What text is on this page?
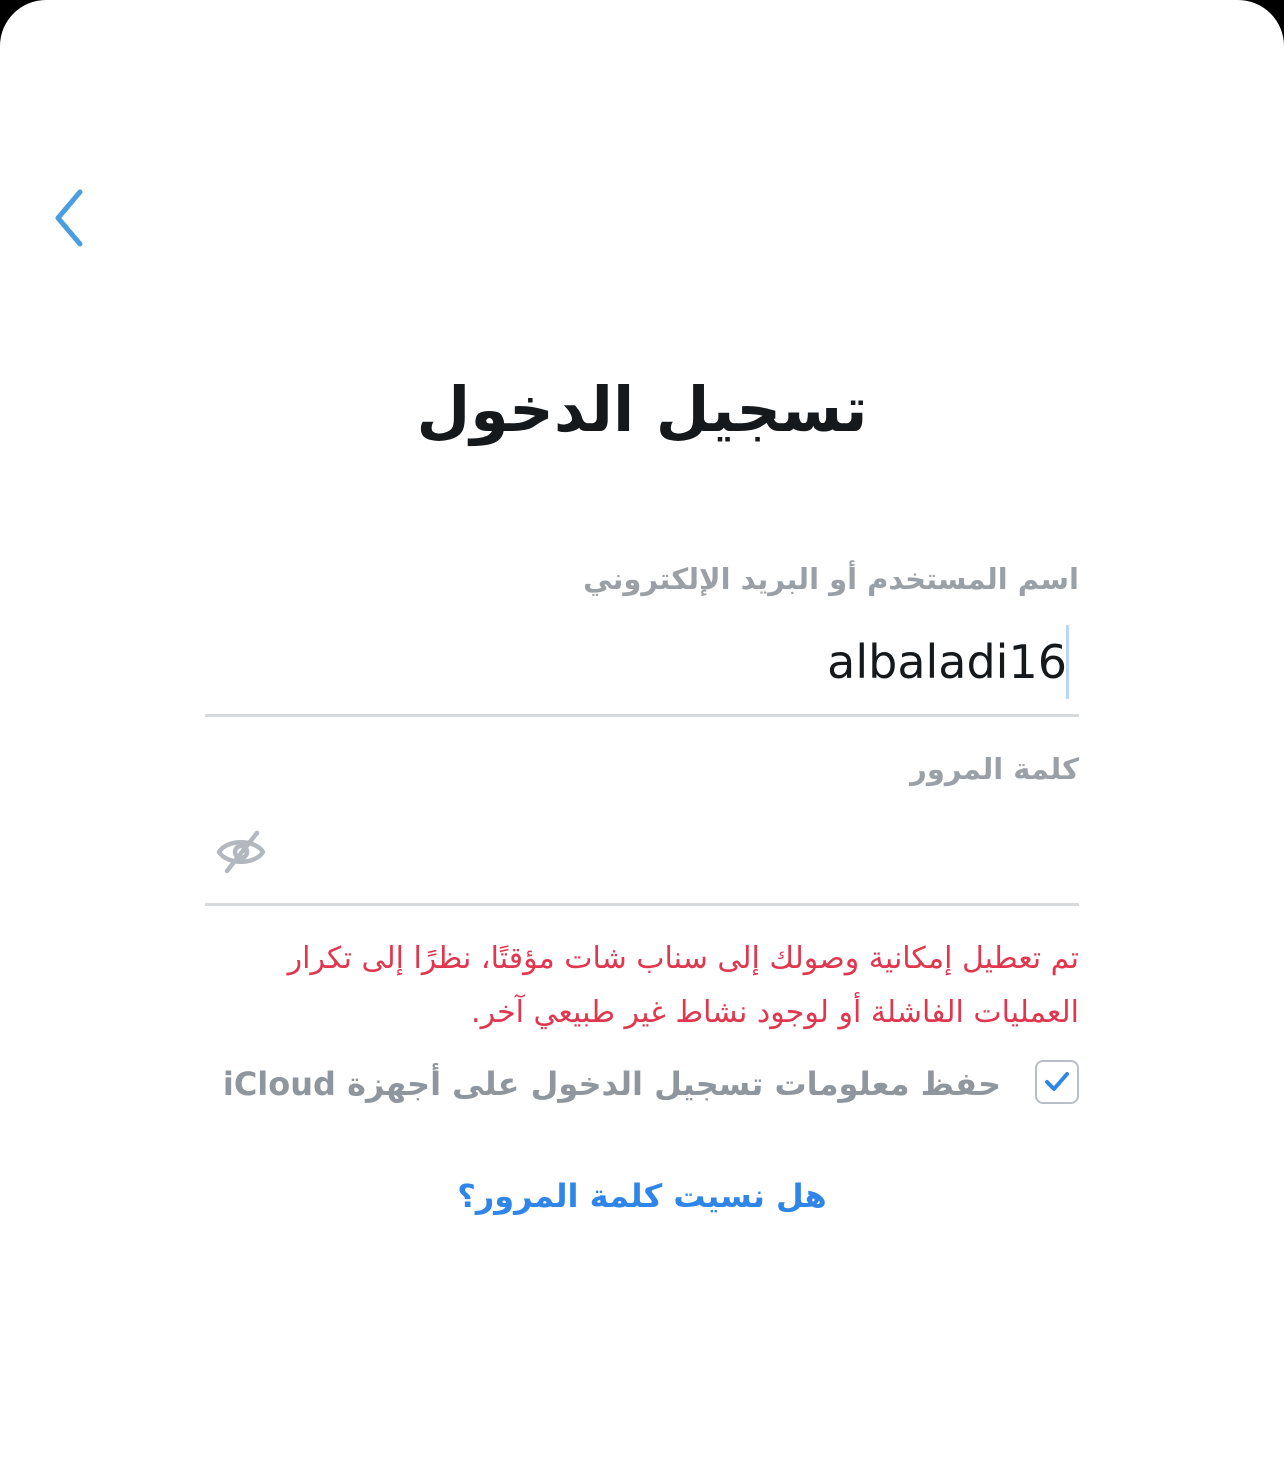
تسجيل الدخول
اسم المستخدم أو البريد الإلكتروني
albaladi16
كلمة المرور
تم تعطيل إمكانية وصولك إلى سناب شات مؤقتًا، نظرًا إلى تكرار العمليات الفاشلة أو لوجود نشاط غير طبيعي آخر.
حفظ معلومات تسجيل الدخول على أجهزة iCloud
هل نسيت كلمة المرور؟
